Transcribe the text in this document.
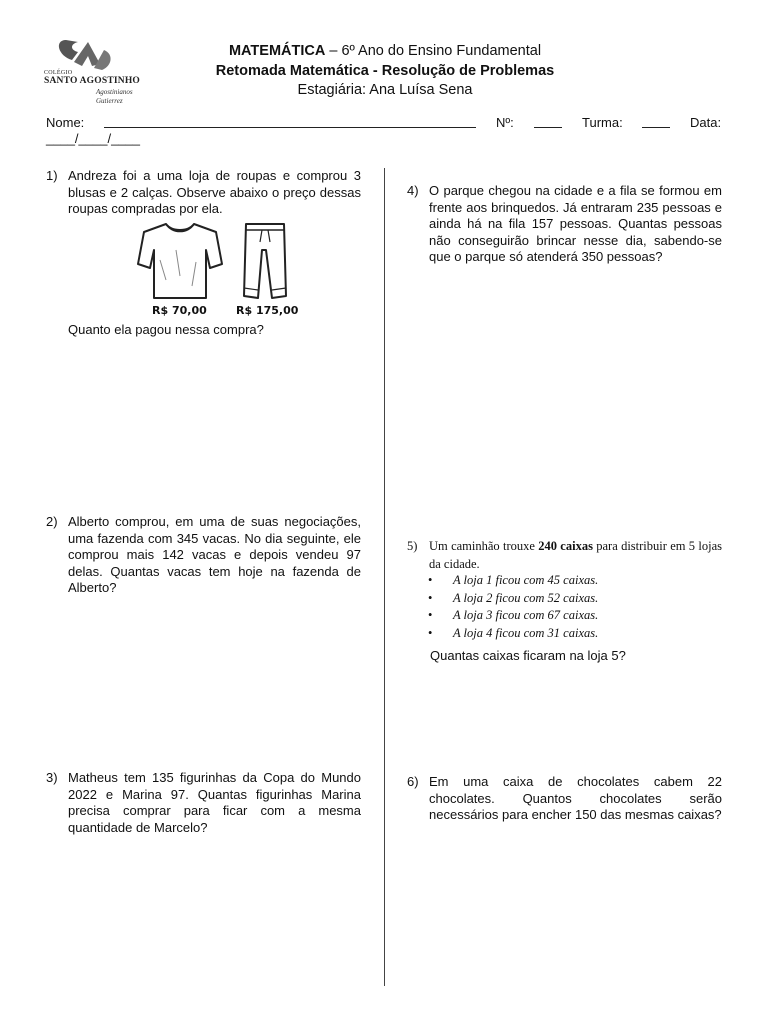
COLÉGIO
SANTO AGOSTINHO
Agostinianos
Gutierrez
MATEMÁTICA – 6º Ano do Ensino Fundamental
Retomada Matemática - Resolução de Problemas
Estagiária: Ana Luísa Sena
Nome:	Nº:	Turma:	Data:
____/____/____
1) Andreza foi a uma loja de roupas e comprou 3 blusas e 2 calças. Observe abaixo o preço dessas roupas compradas por ela.
R$ 70,00	R$ 175,00
Quanto ela pagou nessa compra?
2) Alberto comprou, em uma de suas negociações, uma fazenda com 345 vacas. No dia seguinte, ele comprou mais 142 vacas e depois vendeu 97 delas. Quantas vacas tem hoje na fazenda de Alberto?
3) Matheus tem 135 figurinhas da Copa do Mundo 2022 e Marina 97. Quantas figurinhas Marina precisa comprar para ficar com a mesma quantidade de Marcelo?
4) O parque chegou na cidade e a fila se formou em frente aos brinquedos. Já entraram 235 pessoas e ainda há na fila 157 pessoas. Quantas pessoas não conseguirão brincar nesse dia, sabendo-se que o parque só atenderá 350 pessoas?
5) Um caminhão trouxe 240 caixas para distribuir em 5 lojas da cidade.
• A loja 1 ficou com 45 caixas.
• A loja 2 ficou com 52 caixas.
• A loja 3 ficou com 67 caixas.
• A loja 4 ficou com 31 caixas.
Quantas caixas ficaram na loja 5?
6) Em uma caixa de chocolates cabem 22 chocolates. Quantos chocolates serão necessários para encher 150 das mesmas caixas?
